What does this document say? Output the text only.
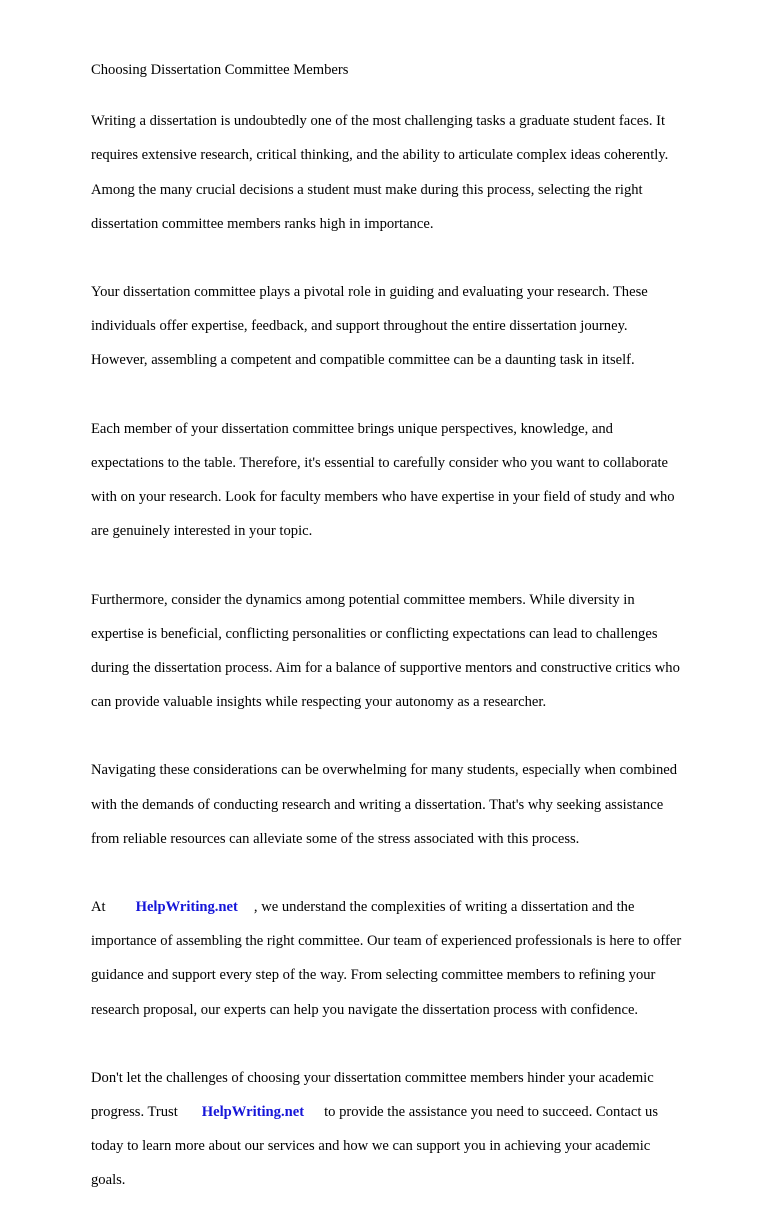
Choosing Dissertation Committee Members

Writing a dissertation is undoubtedly one of the most challenging tasks a graduate student faces. It

requires extensive research, critical thinking, and the ability to articulate complex ideas coherently.

Among the many crucial decisions a student must make during this process, selecting the right

dissertation committee members ranks high in importance.

Your dissertation committee plays a pivotal role in guiding and evaluating your research. These

individuals offer expertise, feedback, and support throughout the entire dissertation journey.

However, assembling a competent and compatible committee can be a daunting task in itself.

Each member of your dissertation committee brings unique perspectives, knowledge, and

expectations to the table. Therefore, it's essential to carefully consider who you want to collaborate

with on your research. Look for faculty members who have expertise in your field of study and who

are genuinely interested in your topic.

Furthermore, consider the dynamics among potential committee members. While diversity in

expertise is beneficial, conflicting personalities or conflicting expectations can lead to challenges

during the dissertation process. Aim for a balance of supportive mentors and constructive critics who

can provide valuable insights while respecting your autonomy as a researcher.

Navigating these considerations can be overwhelming for many students, especially when combined

with the demands of conducting research and writing a dissertation. That's why seeking assistance

from reliable resources can alleviate some of the stress associated with this process.

At HelpWriting.net , we understand the complexities of writing a dissertation and the

importance of assembling the right committee. Our team of experienced professionals is here to offer

guidance and support every step of the way. From selecting committee members to refining your

research proposal, our experts can help you navigate the dissertation process with confidence.

Don't let the challenges of choosing your dissertation committee members hinder your academic

progress. Trust HelpWriting.net to provide the assistance you need to succeed. Contact us

today to learn more about our services and how we can support you in achieving your academic

goals.
